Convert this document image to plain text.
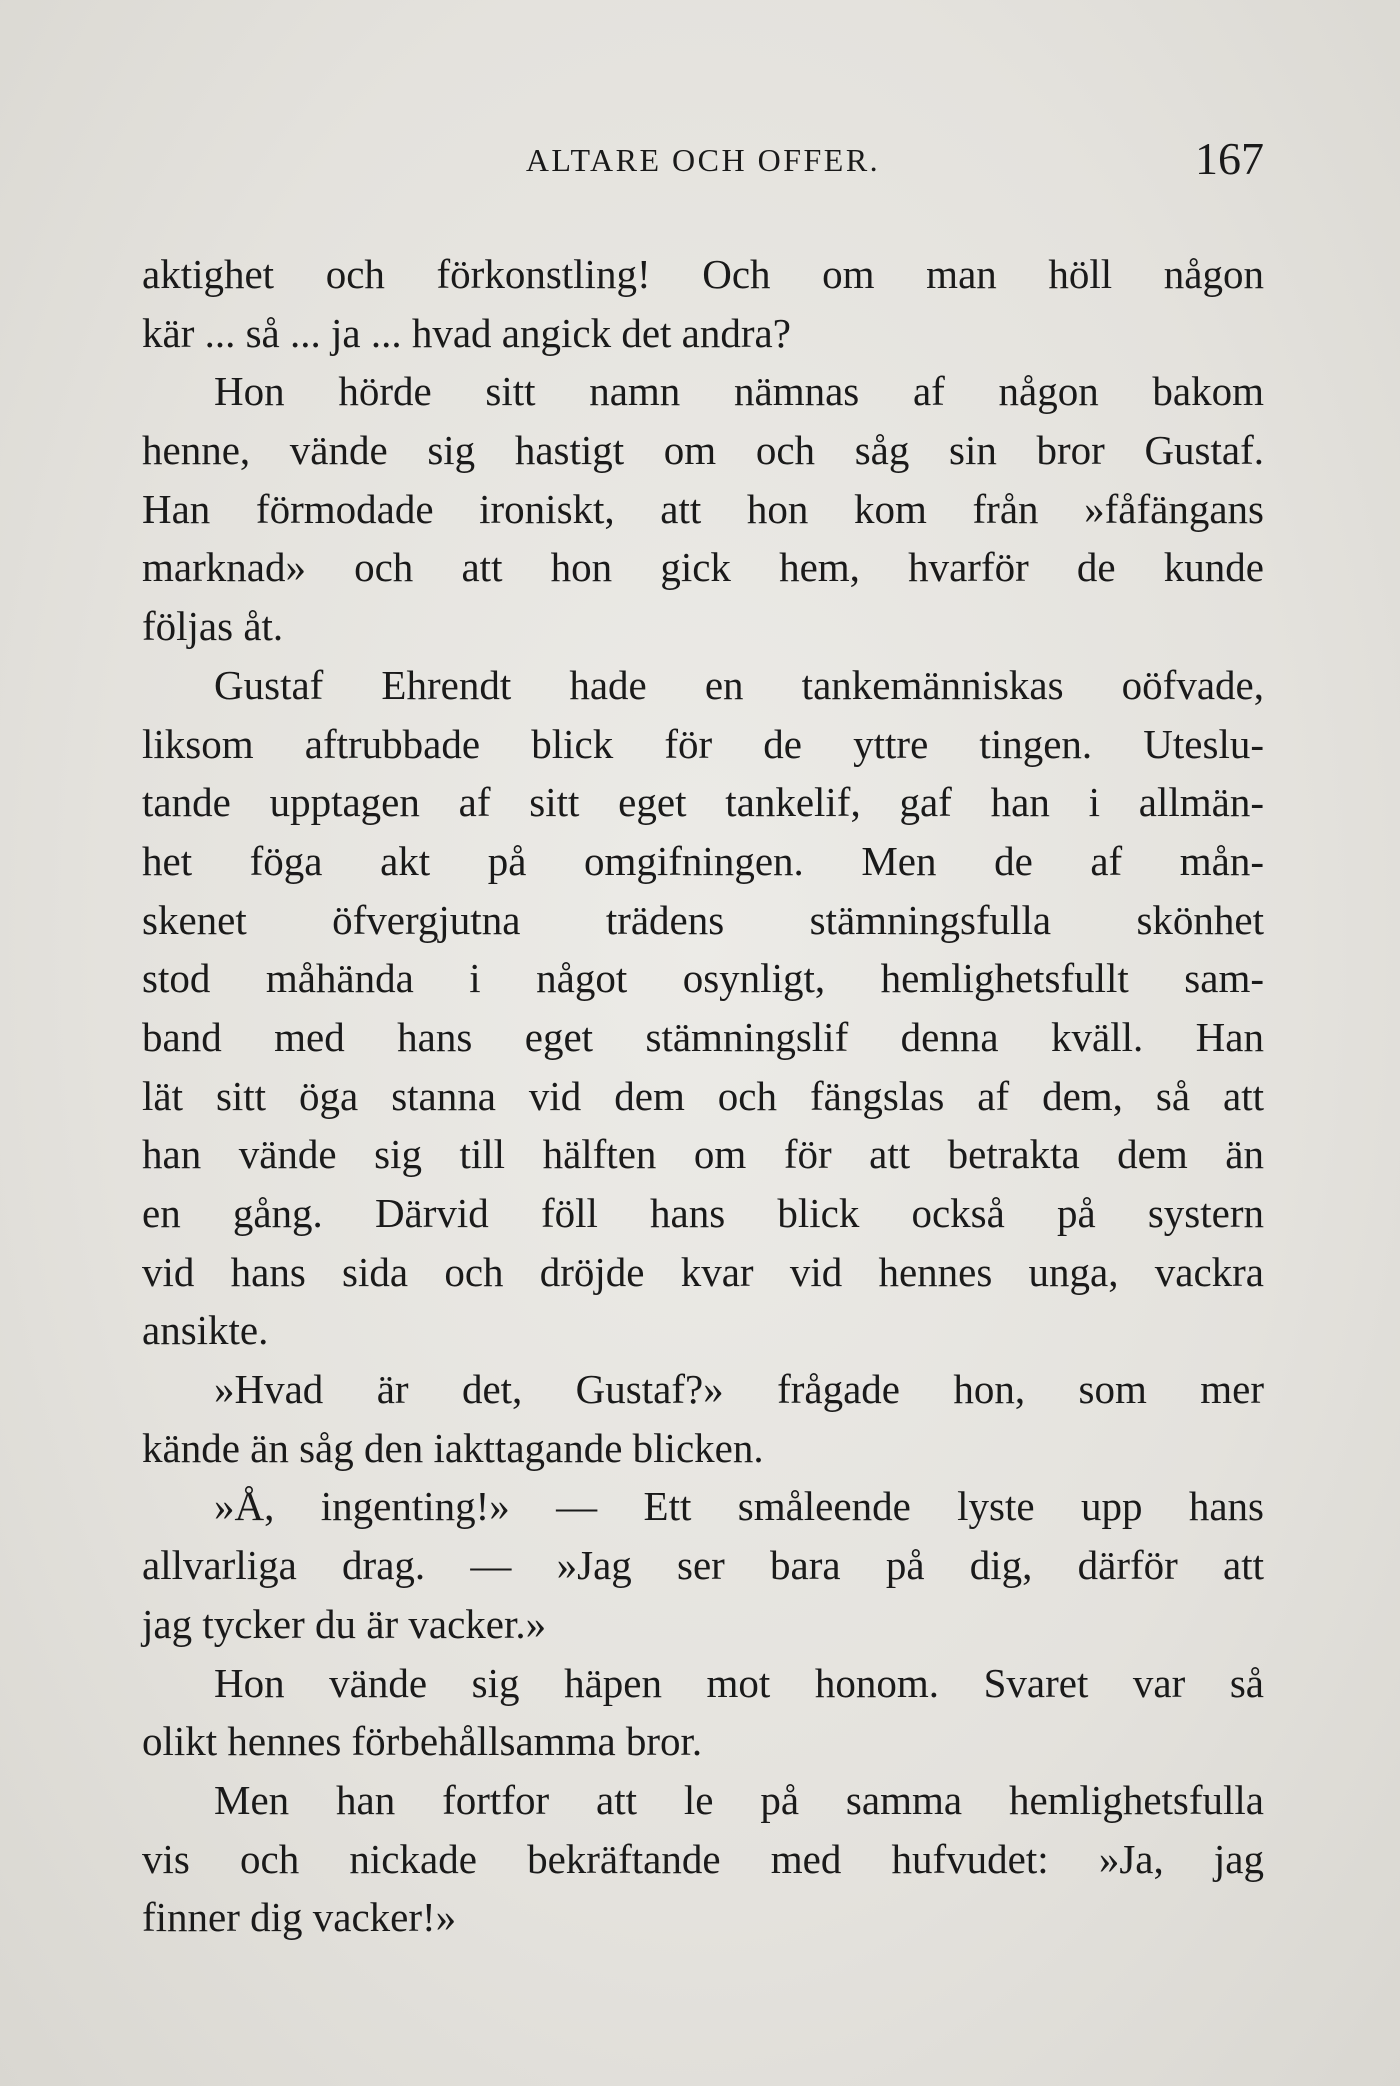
ALTARE OCH OFFER.	167
aktighet och förkonstling! Och om man höll någon
kär ... så ... ja ... hvad angick det andra?
Hon hörde sitt namn nämnas af någon bakom
henne, vände sig hastigt om och såg sin bror Gustaf.
Han förmodade ironiskt, att hon kom från »fåfängans
marknad» och att hon gick hem, hvarför de kunde
följas åt.
Gustaf Ehrendt hade en tankemänniskas oöfvade,
liksom aftrubbade blick för de yttre tingen. Uteslu-
tande upptagen af sitt eget tankelif, gaf han i allmän-
het föga akt på omgifningen. Men de af mån-
skenet öfvergjutna trädens stämningsfulla skönhet
stod måhända i något osynligt, hemlighetsfullt sam-
band med hans eget stämningslif denna kväll. Han
lät sitt öga stanna vid dem och fängslas af dem, så att
han vände sig till hälften om för att betrakta dem än
en gång. Därvid föll hans blick också på systern
vid hans sida och dröjde kvar vid hennes unga, vackra
ansikte.
»Hvad är det, Gustaf?» frågade hon, som mer
kände än såg den iakttagande blicken.
»Å, ingenting!» — Ett småleende lyste upp hans
allvarliga drag. — »Jag ser bara på dig, därför att
jag tycker du är vacker.»
Hon vände sig häpen mot honom. Svaret var så
olikt hennes förbehållsamma bror.
Men han fortfor att le på samma hemlighetsfulla
vis och nickade bekräftande med hufvudet: »Ja, jag
finner dig vacker!»
